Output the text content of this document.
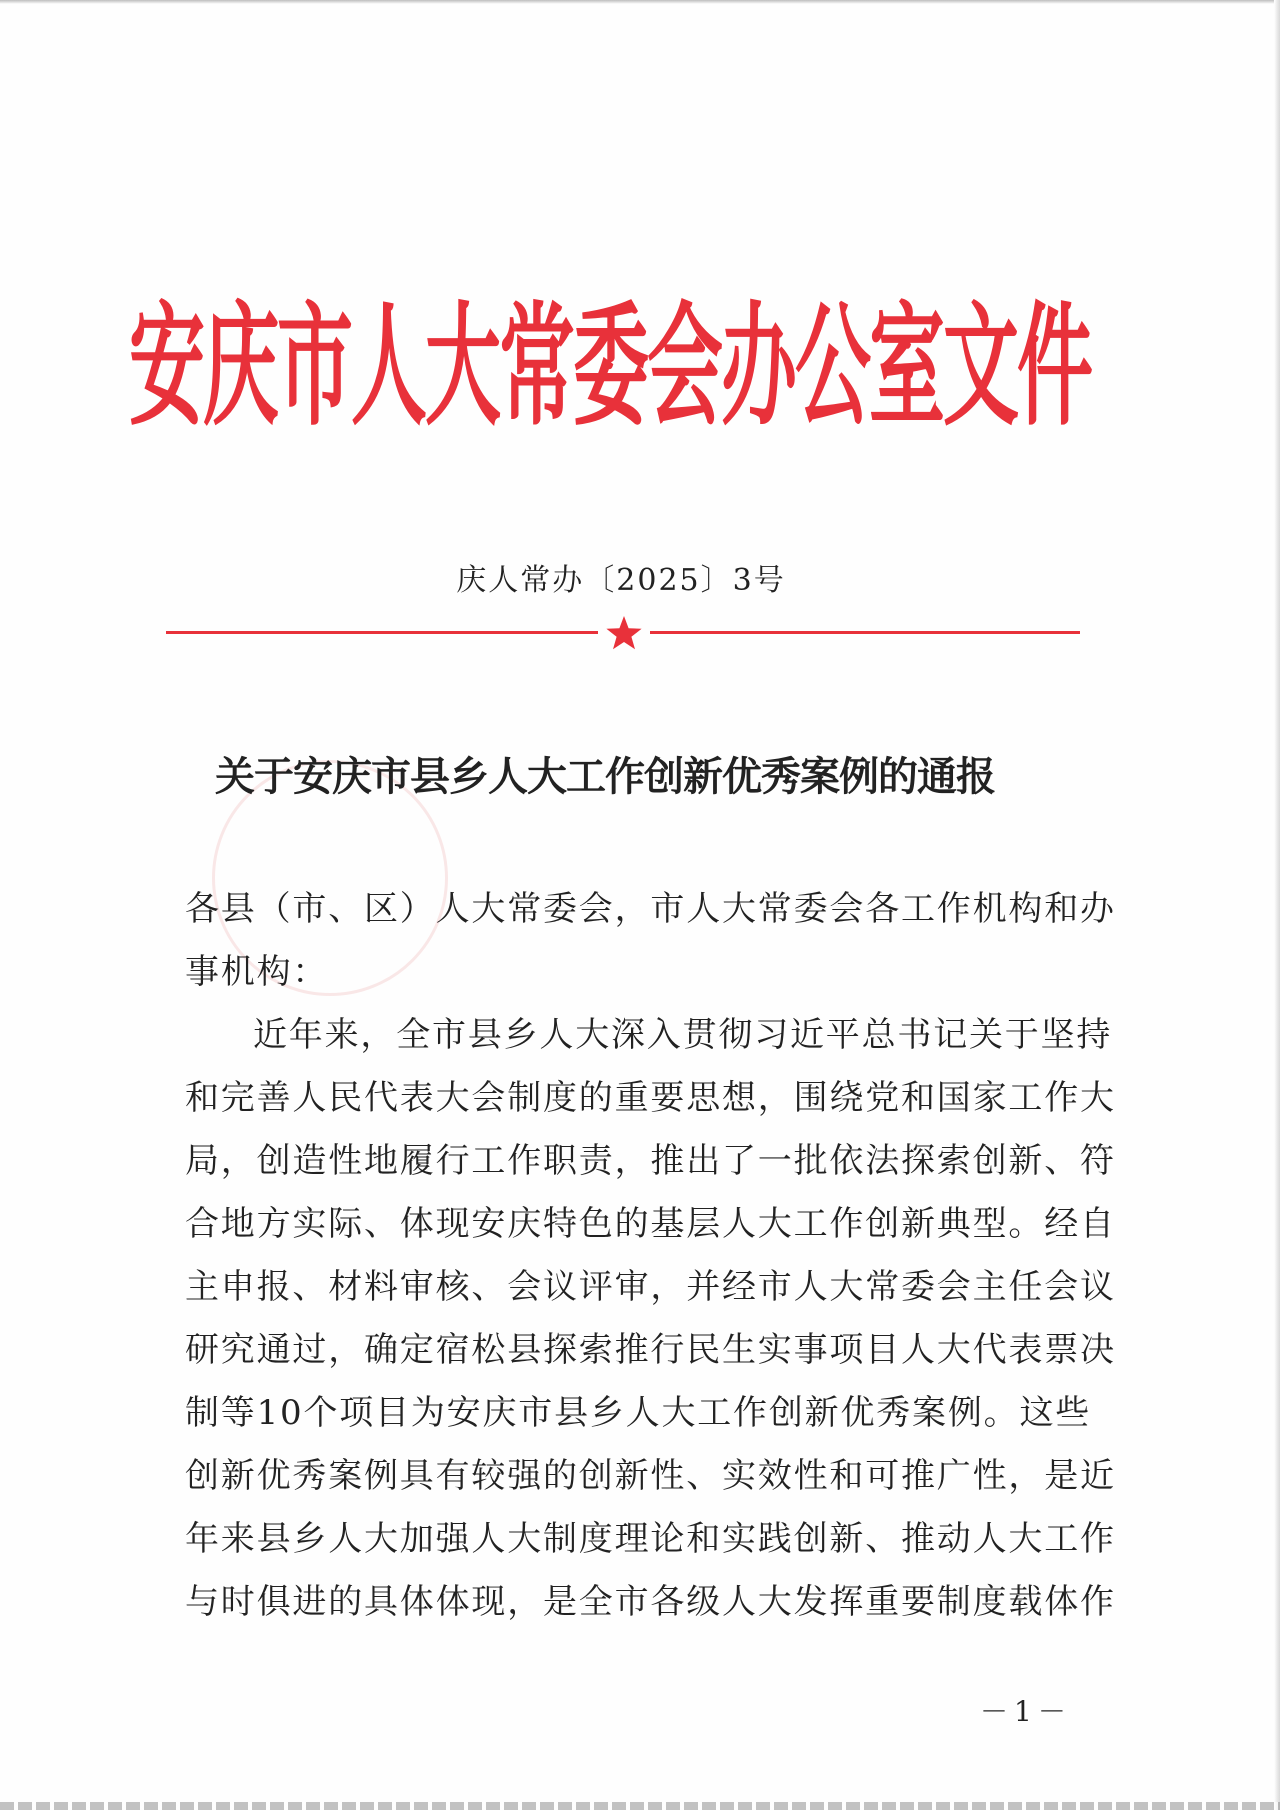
安庆市人大常委会办公室文件
庆人常办〔2025〕3号
关于安庆市县乡人大工作创新优秀案例的通报
各县（市、区）人大常委会，市人大常委会各工作机构和办
事机构：
近年来，全市县乡人大深入贯彻习近平总书记关于坚持
和完善人民代表大会制度的重要思想，围绕党和国家工作大
局，创造性地履行工作职责，推出了一批依法探索创新、符
合地方实际、体现安庆特色的基层人大工作创新典型。经自
主申报、材料审核、会议评审，并经市人大常委会主任会议
研究通过，确定宿松县探索推行民生实事项目人大代表票决
制等10个项目为安庆市县乡人大工作创新优秀案例。这些
创新优秀案例具有较强的创新性、实效性和可推广性，是近
年来县乡人大加强人大制度理论和实践创新、推动人大工作
与时俱进的具体体现，是全市各级人大发挥重要制度载体作
－1－
